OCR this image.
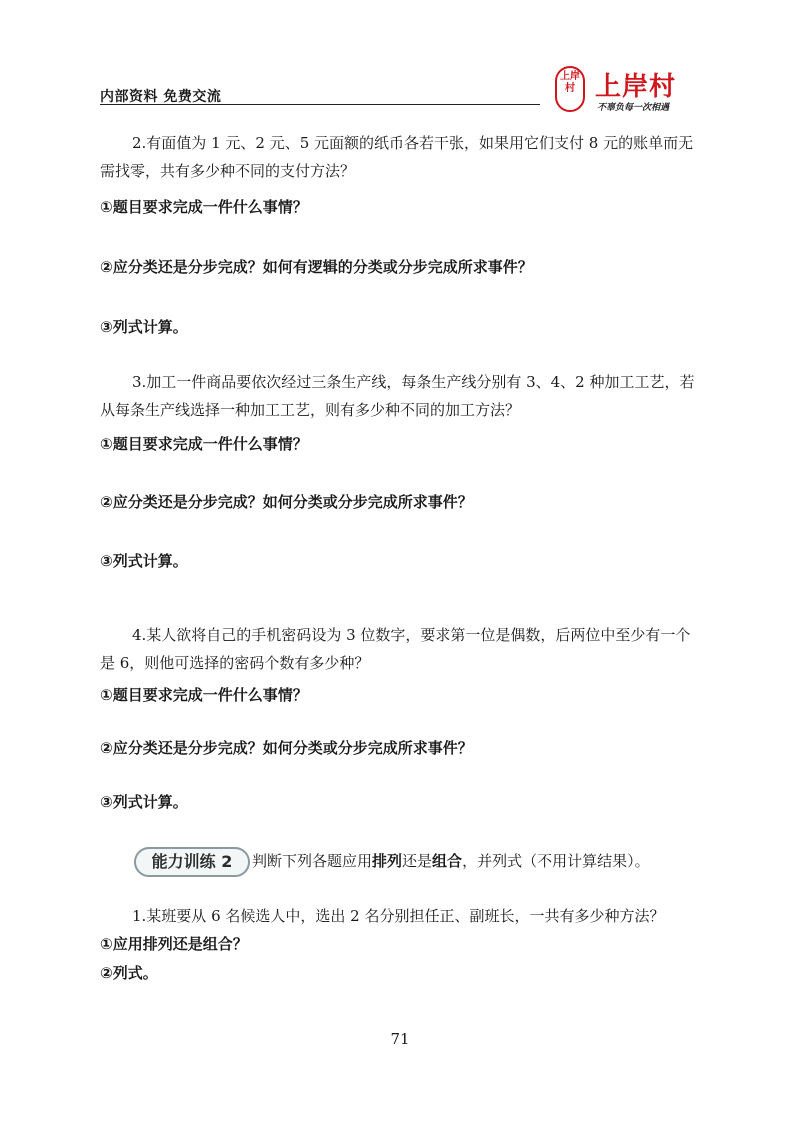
内部资料 免费交流
上岸村 上岸村
不辜负每一次相遇

2.有面值为 1 元、2 元、5 元面额的纸币各若干张，如果用它们支付 8 元的账单而无需找零，共有多少种不同的支付方法？

①题目要求完成一件什么事情？
②应分类还是分步完成？如何有逻辑的分类或分步完成所求事件？
③列式计算。

3.加工一件商品要依次经过三条生产线，每条生产线分别有 3、4、2 种加工工艺，若从每条生产线选择一种加工工艺，则有多少种不同的加工方法？

①题目要求完成一件什么事情？
②应分类还是分步完成？如何分类或分步完成所求事件？
③列式计算。

4.某人欲将自己的手机密码设为 3 位数字，要求第一位是偶数，后两位中至少有一个是 6，则他可选择的密码个数有多少种？

①题目要求完成一件什么事情？
②应分类还是分步完成？如何分类或分步完成所求事件？
③列式计算。
能力训练 2	判断下列各题应用排列还是组合，并列式（不用计算结果）。

1.某班要从 6 名候选人中，选出 2 名分别担任正、副班长，一共有多少种方法？

①应用排列还是组合？
②列式。
71
